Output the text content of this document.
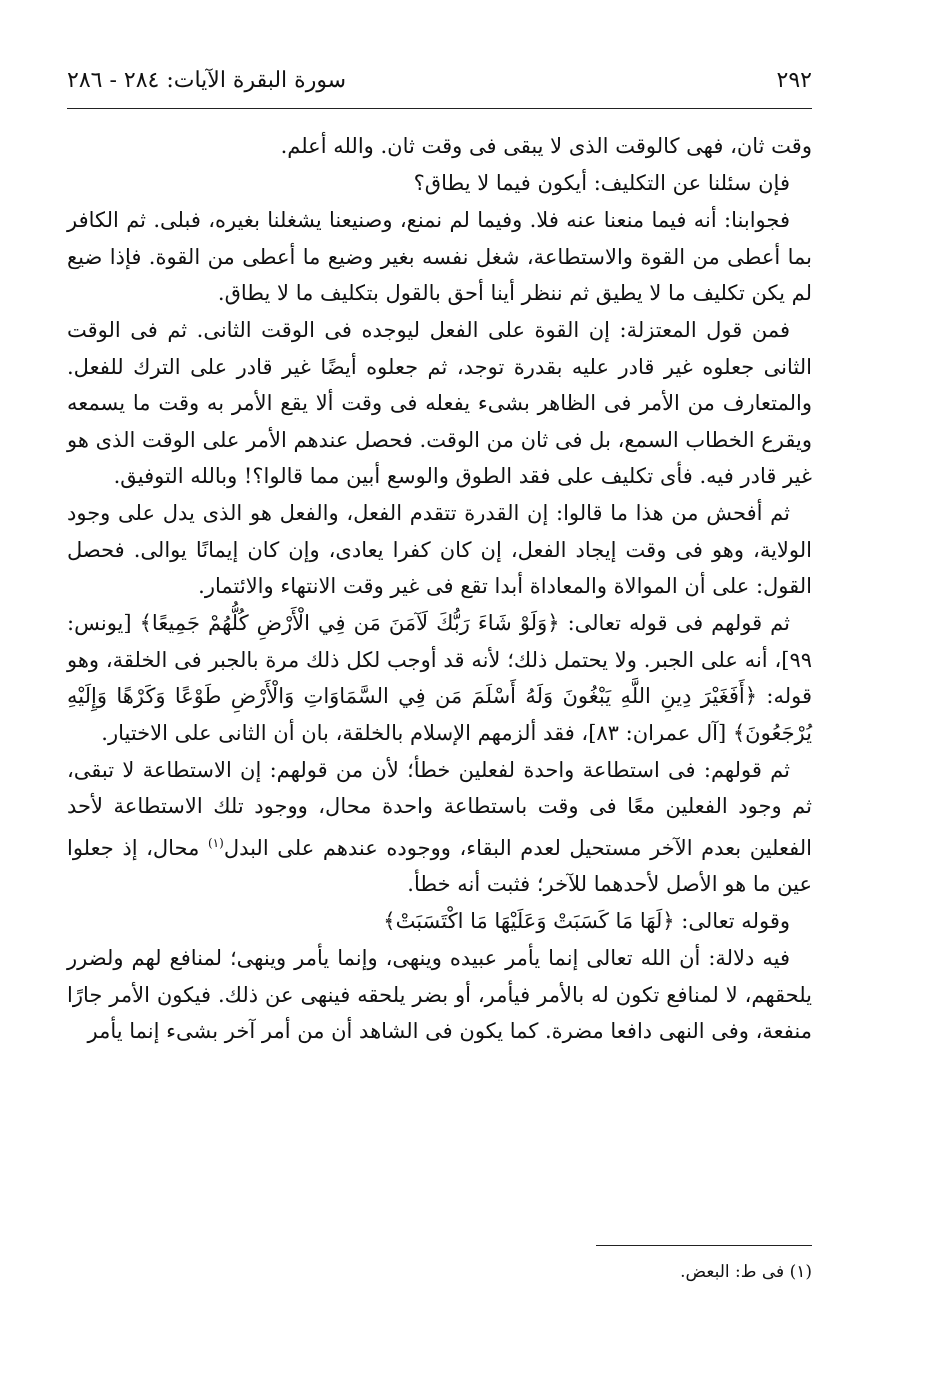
٢٩٢
سورة البقرة الآيات: ٢٨٤ - ٢٨٦

وقت ثان، فهى كالوقت الذى لا يبقى فى وقت ثان. والله أعلم.

فإن سئلنا عن التكليف: أيكون فيما لا يطاق؟

فجوابنا: أنه فيما منعنا عنه فلا. وفيما لم نمنع، وصنيعنا يشغلنا بغيره، فبلى. ثم الكافر بما أعطى من القوة والاستطاعة، شغل نفسه بغير وضيع ما أعطى من القوة. فإذا ضيع لم يكن تكليف ما لا يطيق ثم ننظر أينا أحق بالقول بتكليف ما لا يطاق.

فمن قول المعتزلة: إن القوة على الفعل ليوجده فى الوقت الثانى. ثم فى الوقت الثانى جعلوه غير قادر عليه بقدرة توجد، ثم جعلوه أيضًا غير قادر على الترك للفعل. والمتعارف من الأمر فى الظاهر بشىء يفعله فى وقت ألا يقع الأمر به وقت ما يسمعه ويقرع الخطاب السمع، بل فى ثان من الوقت. فحصل عندهم الأمر على الوقت الذى هو غير قادر فيه. فأى تكليف على فقد الطوق والوسع أبين مما قالوا؟! وبالله التوفيق.

ثم أفحش من هذا ما قالوا: إن القدرة تتقدم الفعل، والفعل هو الذى يدل على وجود الولاية، وهو فى وقت إيجاد الفعل، إن كان كفرا يعادى، وإن كان إيمانًا يوالى. فحصل القول: على أن الموالاة والمعاداة أبدا تقع فى غير وقت الانتهاء والائتمار.

ثم قولهم فى قوله تعالى: ﴿وَلَوْ شَاءَ رَبُّكَ لَآمَنَ مَن فِي الْأَرْضِ كُلُّهُمْ جَمِيعًا﴾ [يونس: ٩٩]، أنه على الجبر. ولا يحتمل ذلك؛ لأنه قد أوجب لكل ذلك مرة بالجبر فى الخلقة، وهو قوله: ﴿أَفَغَيْرَ دِينِ اللَّهِ يَبْغُونَ وَلَهُ أَسْلَمَ مَن فِي السَّمَاوَاتِ وَالْأَرْضِ طَوْعًا وَكَرْهًا وَإِلَيْهِ يُرْجَعُونَ﴾ [آل عمران: ٨٣]، فقد ألزمهم الإسلام بالخلقة، بان أن الثانى على الاختيار.

ثم قولهم: فى استطاعة واحدة لفعلين خطأ؛ لأن من قولهم: إن الاستطاعة لا تبقى، ثم وجود الفعلين معًا فى وقت باستطاعة واحدة محال، ووجود تلك الاستطاعة لأحد الفعلين بعدم الآخر مستحيل لعدم البقاء، ووجوده عندهم على البدل$^{(١)}$ محال، إذ جعلوا عين ما هو الأصل لأحدهما للآخر؛ فثبت أنه خطأ.

وقوله تعالى: ﴿لَهَا مَا كَسَبَتْ وَعَلَيْهَا مَا اكْتَسَبَتْ﴾

فيه دلالة: أن الله تعالى إنما يأمر عبيده وينهى، وإنما يأمر وينهى؛ لمنافع لهم ولضرر يلحقهم، لا لمنافع تكون له بالأمر فيأمر، أو بضر يلحقه فينهى عن ذلك. فيكون الأمر جارًا منفعة، وفى النهى دافعا مضرة. كما يكون فى الشاهد أن من أمر آخر بشىء إنما يأمر

(١) فى ط: البعض.
